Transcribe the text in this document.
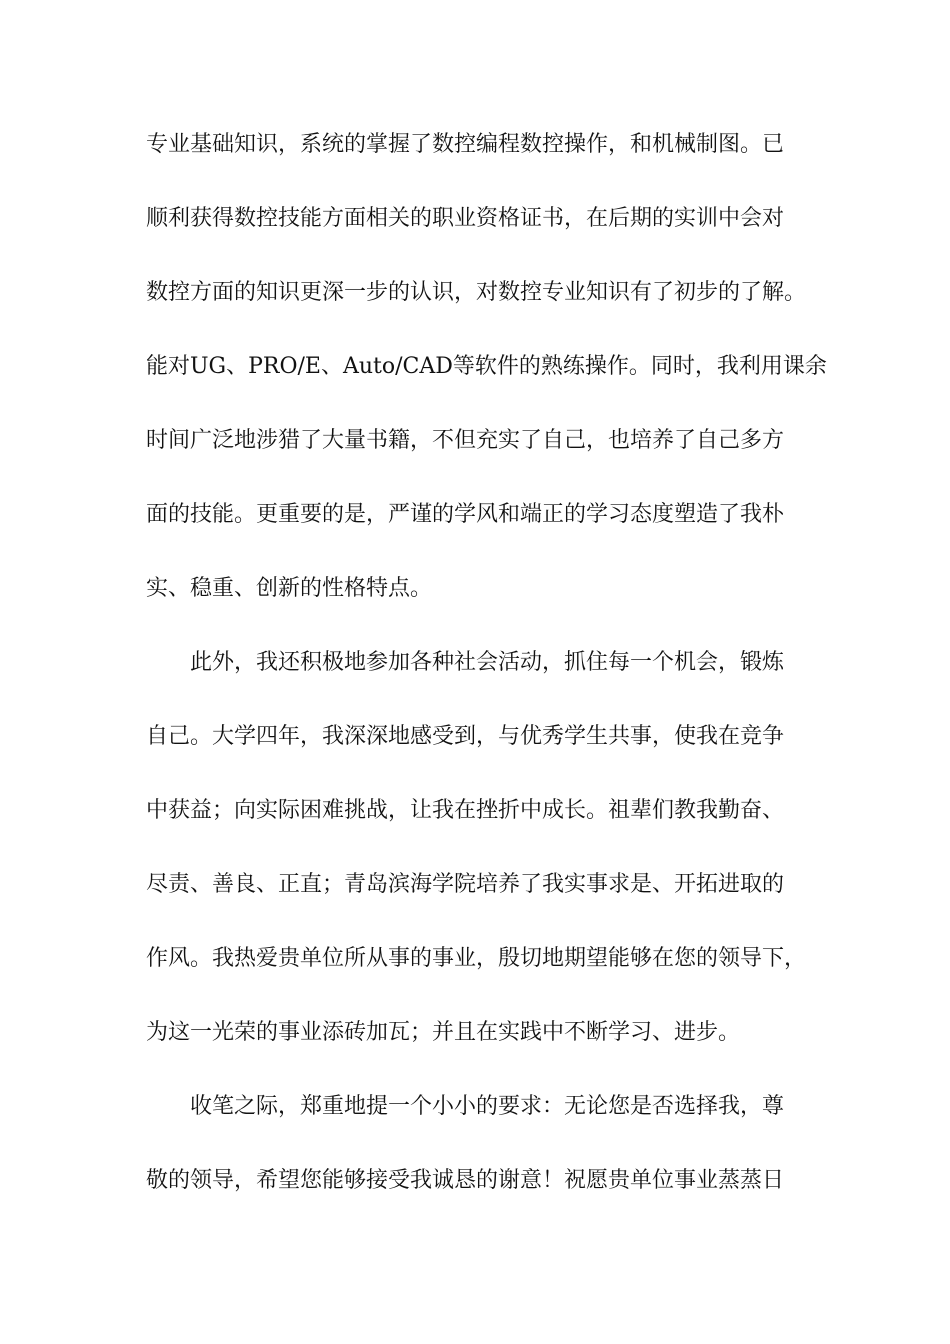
专业基础知识，系统的掌握了数控编程数控操作，和机械制图。已
顺利获得数控技能方面相关的职业资格证书，在后期的实训中会对
数控方面的知识更深一步的认识，对数控专业知识有了初步的了解。
能对UG、PRO/E、Auto/CAD等软件的熟练操作。同时，我利用课余
时间广泛地涉猎了大量书籍，不但充实了自己，也培养了自己多方
面的技能。更重要的是，严谨的学风和端正的学习态度塑造了我朴
实、稳重、创新的性格特点。
此外，我还积极地参加各种社会活动，抓住每一个机会，锻炼
自己。大学四年，我深深地感受到，与优秀学生共事，使我在竞争
中获益；向实际困难挑战，让我在挫折中成长。祖辈们教我勤奋、
尽责、善良、正直；青岛滨海学院培养了我实事求是、开拓进取的
作风。我热爱贵单位所从事的事业，殷切地期望能够在您的领导下，
为这一光荣的事业添砖加瓦；并且在实践中不断学习、进步。
收笔之际，郑重地提一个小小的要求：无论您是否选择我，尊
敬的领导，希望您能够接受我诚恳的谢意！祝愿贵单位事业蒸蒸日
